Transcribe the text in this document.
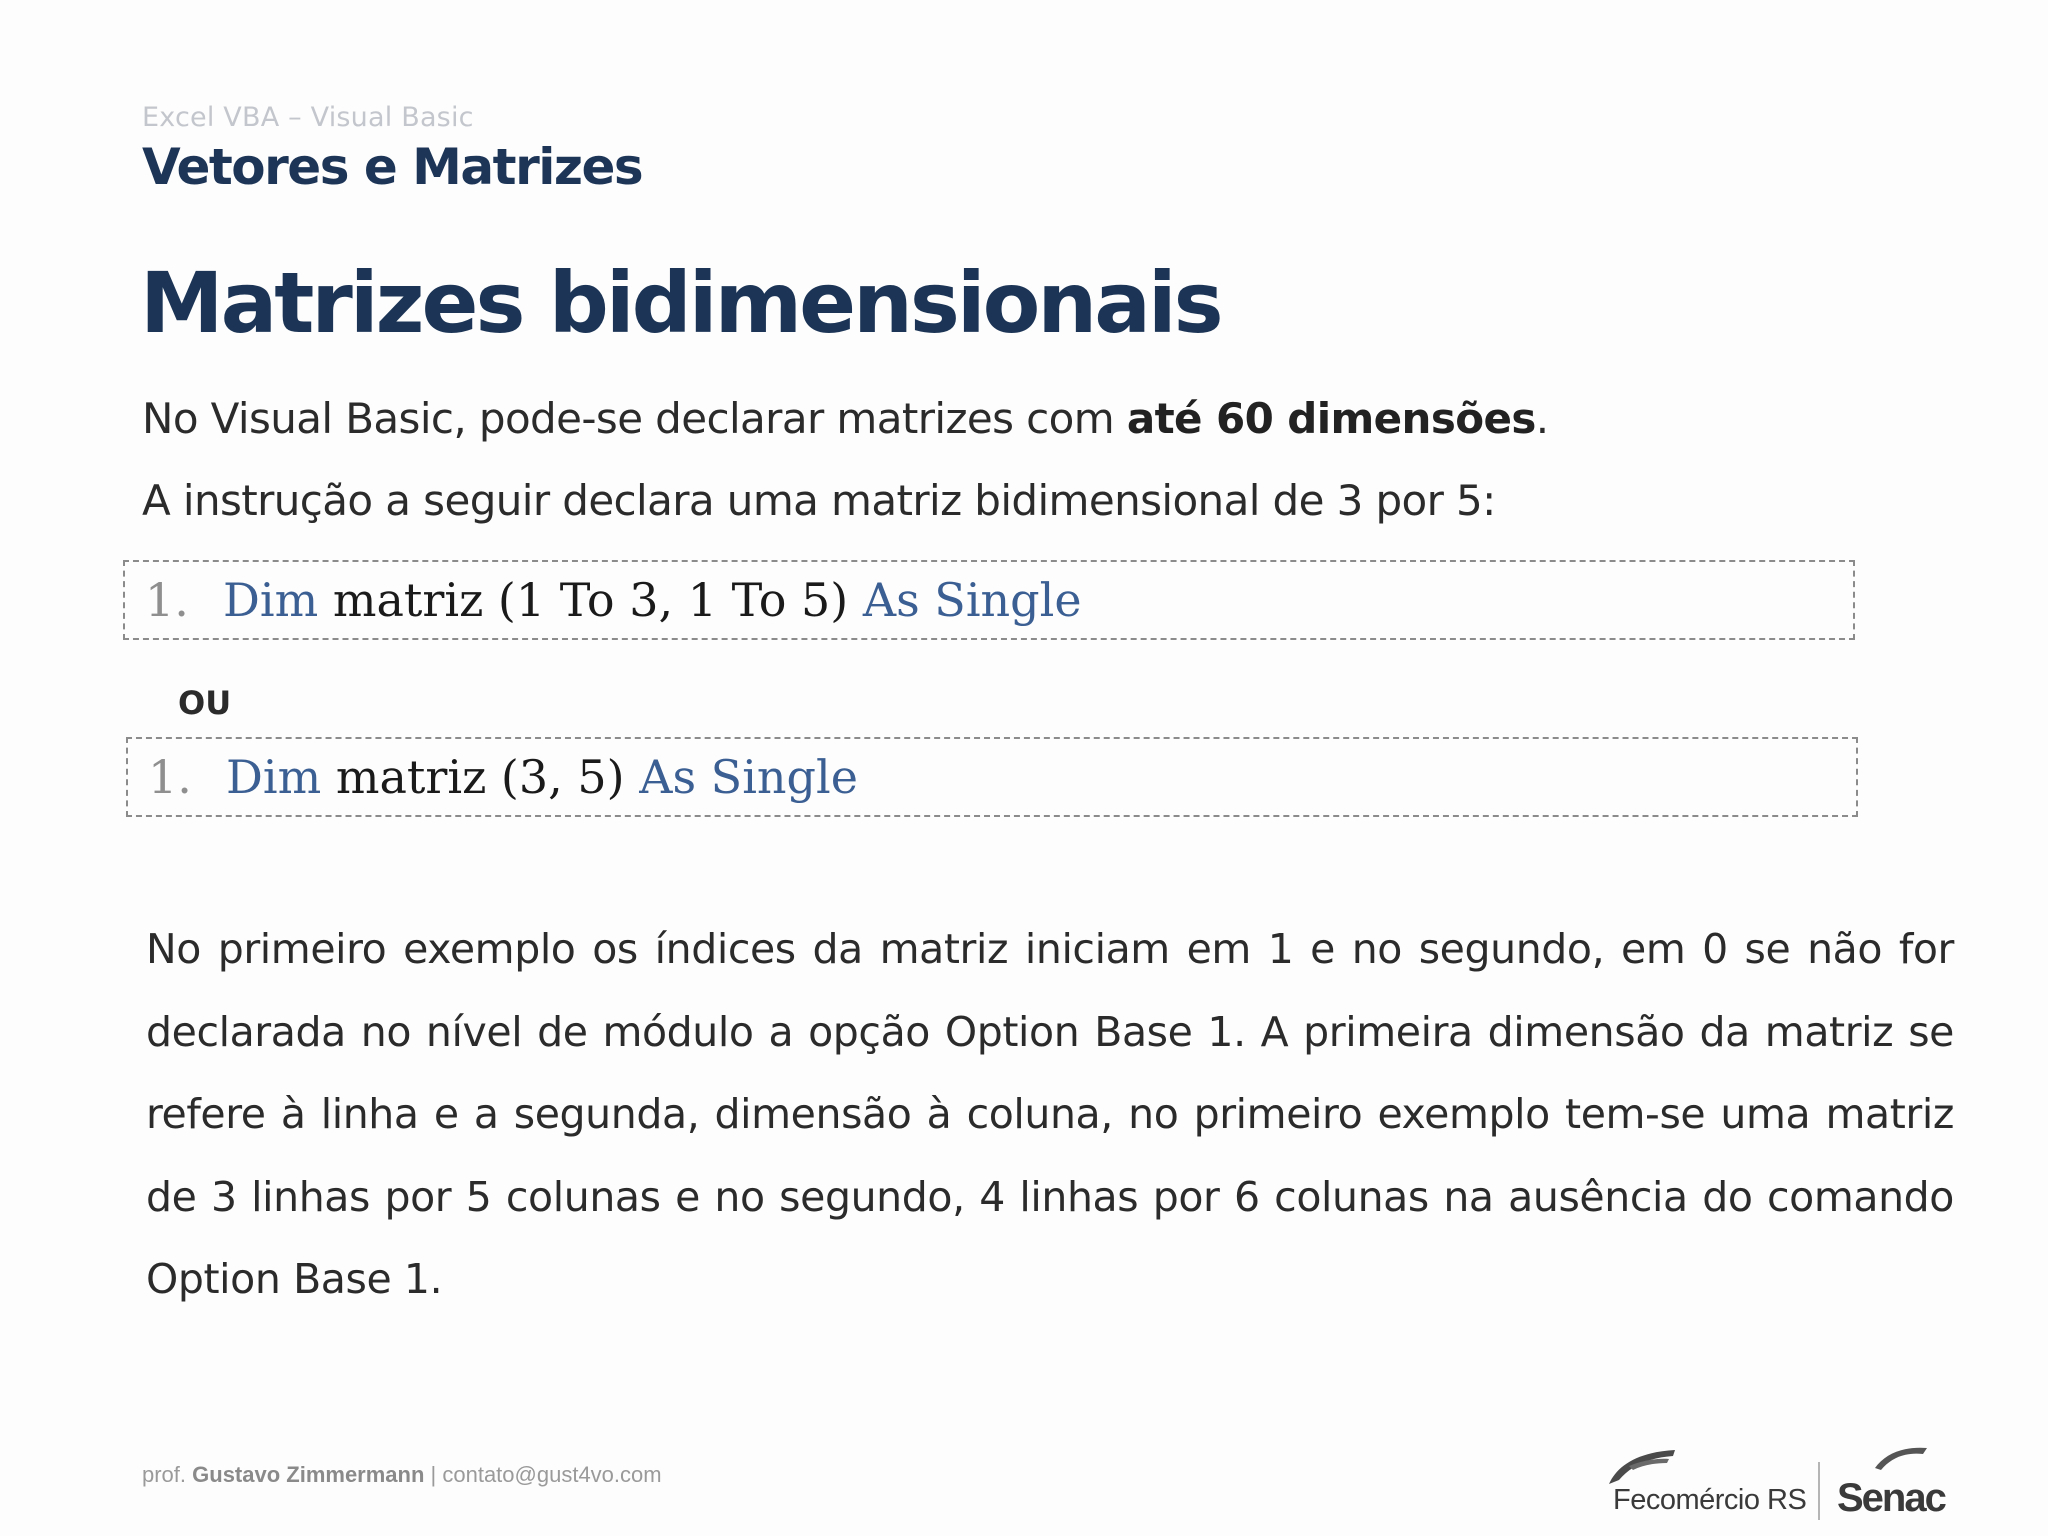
Excel VBA – Visual Basic
Vetores e Matrizes
Matrizes bidimensionais
No Visual Basic, pode-se declarar matrizes com até 60 dimensões.
A instrução a seguir declara uma matriz bidimensional de 3 por 5:
1. Dim matriz (1 To 3, 1 To 5) As Single
OU
1. Dim matriz (3, 5) As Single
No primeiro exemplo os índices da matriz iniciam em 1 e no segundo, em 0 se não for declarada no nível de módulo a opção Option Base 1. A primeira dimensão da matriz se refere à linha e a segunda, dimensão à coluna, no primeiro exemplo tem-se uma matriz de 3 linhas por 5 colunas e no segundo, 4 linhas por 6 colunas na ausência do comando Option Base 1.
prof. Gustavo Zimmermann | contato@gust4vo.com
Fecomércio RS Senac
